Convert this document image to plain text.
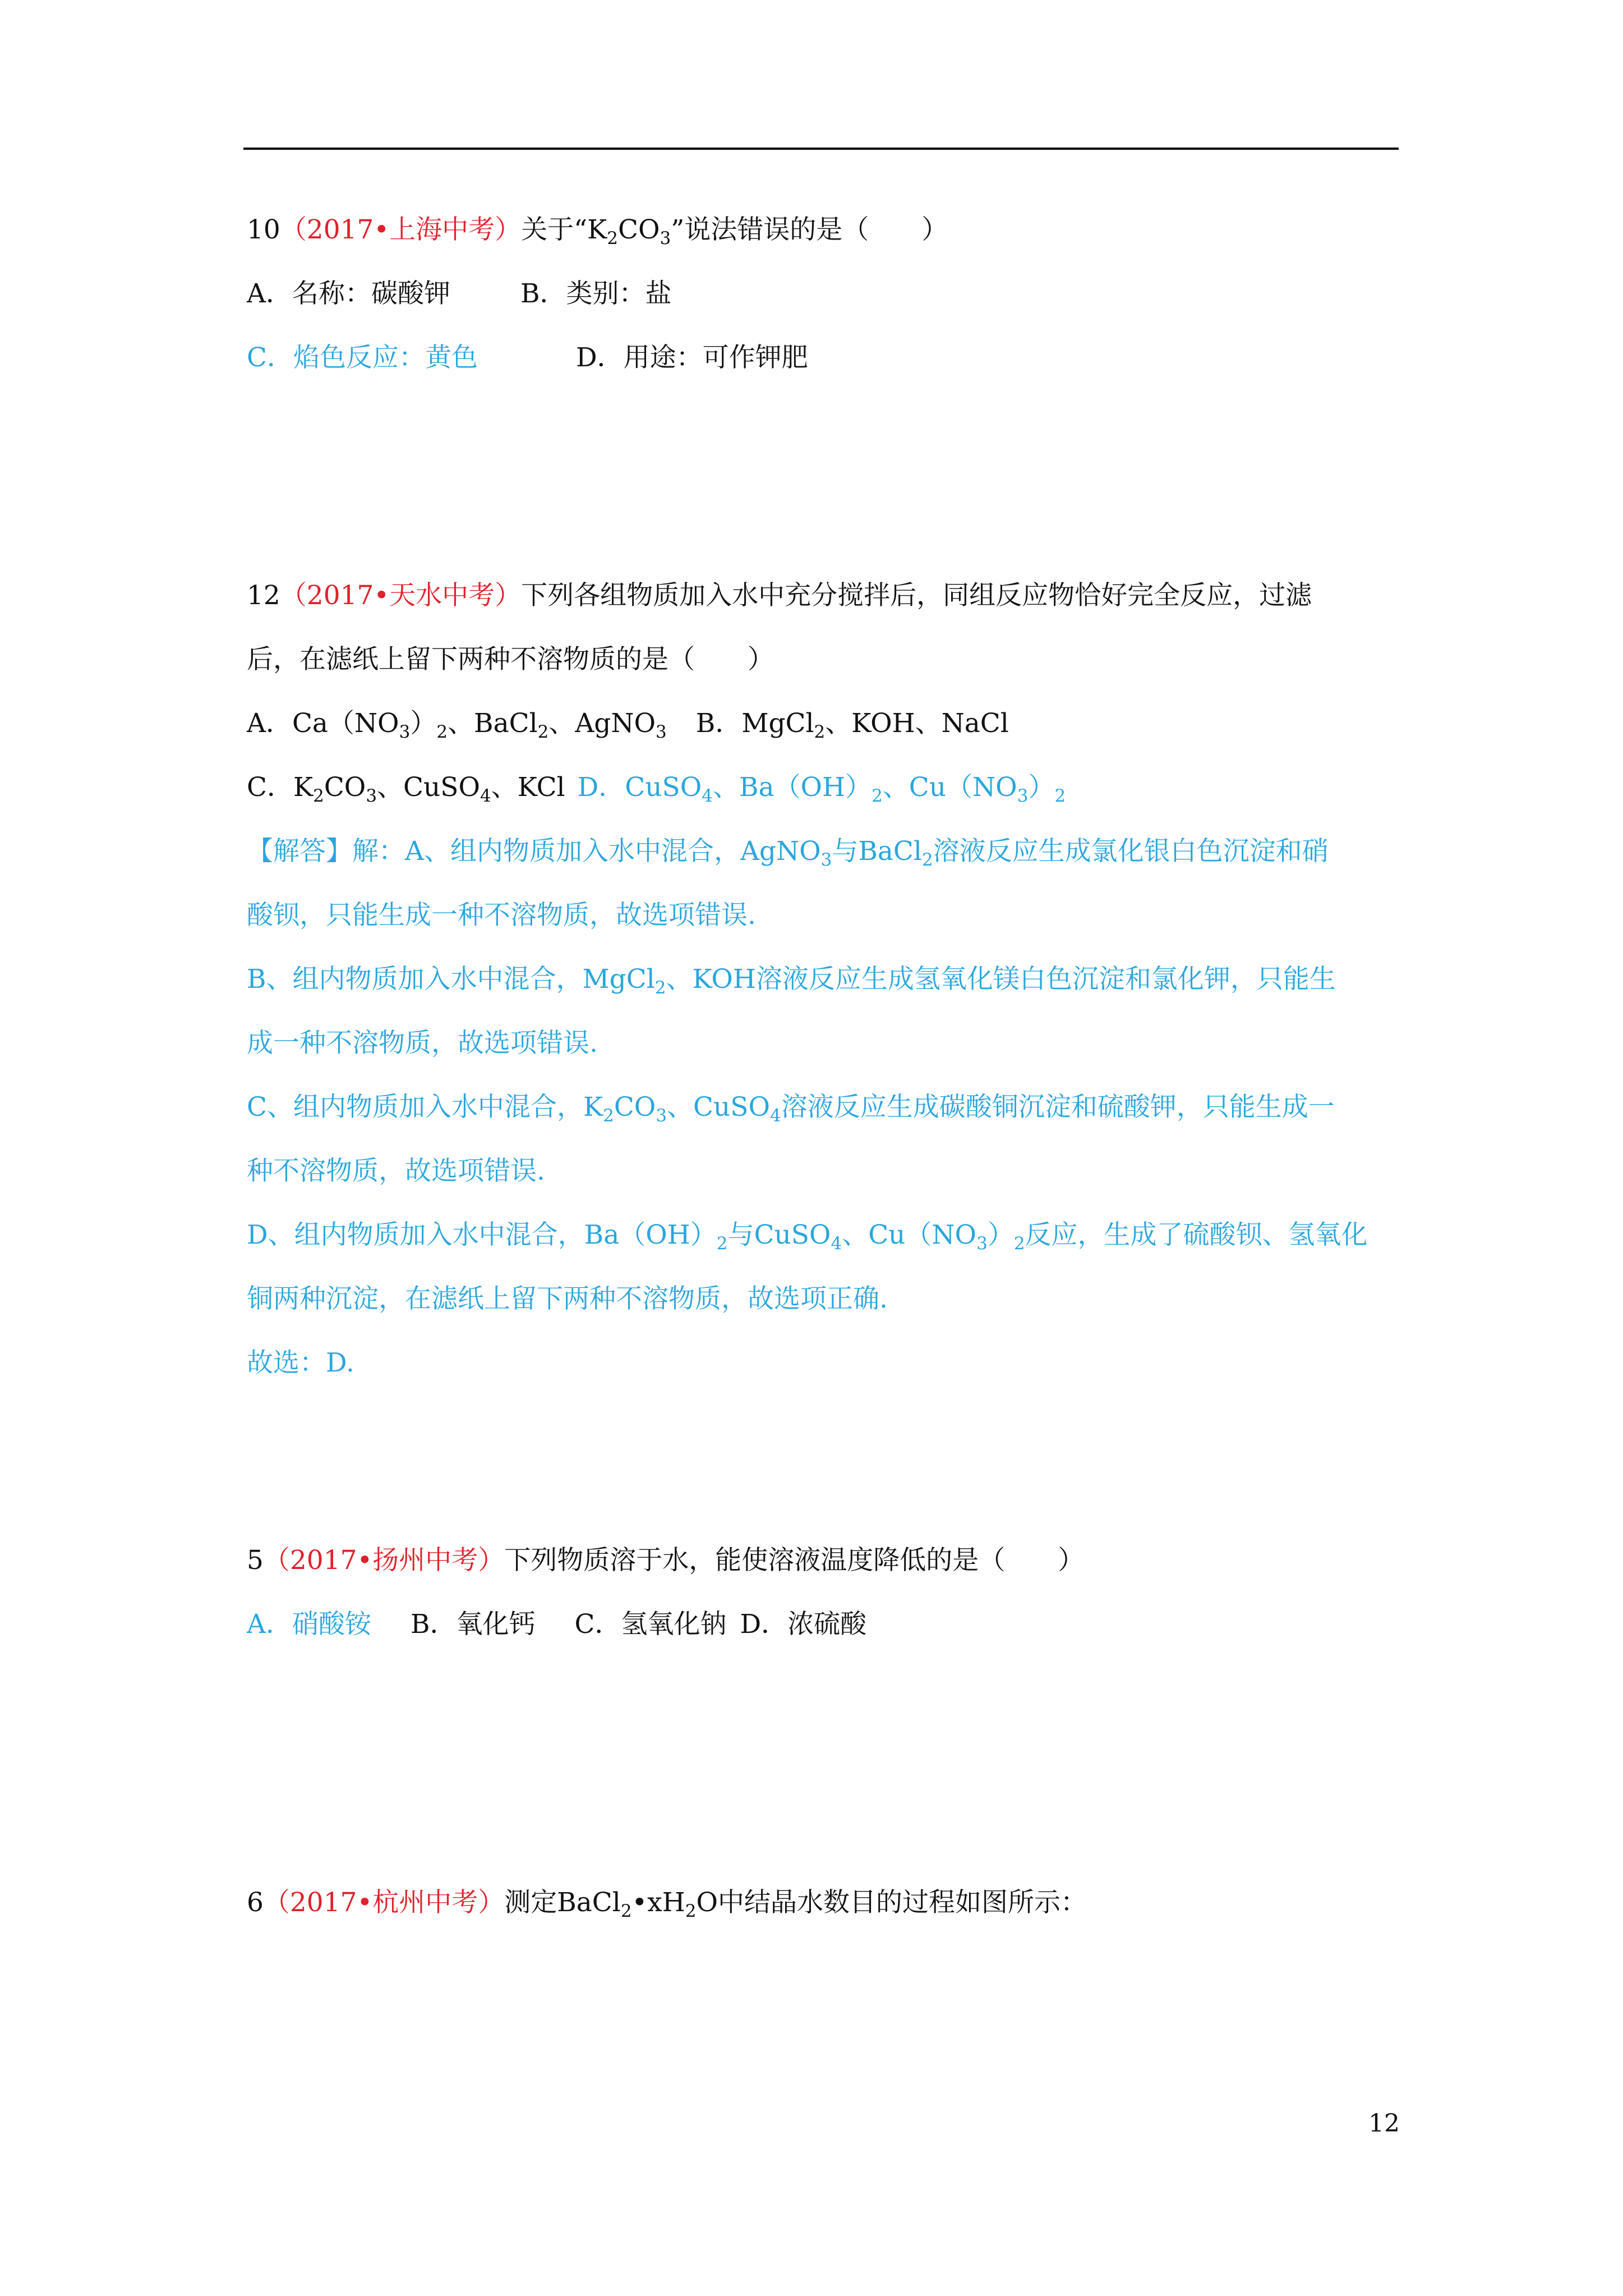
10（2017•上海中考）关于“$K_2CO_3$”说法错误的是（　　）
A．名称：碳酸钾	B．类别：盐
C．焰色反应：黄色	D．用途：可作钾肥
12（2017•天水中考）下列各组物质加入水中充分搅拌后，同组反应物恰好完全反应，过滤
后，在滤纸上留下两种不溶物质的是（　　）
A．$Ca(NO_3)_2$、BaCl$_2$、AgNO$_3$ B．MgCl$_2$、KOH、NaCl
C．$K_2CO_3$、CuSO$_4$、KCl D．CuSO$_4$、$Ba(OH)_2$、$Cu(NO_3)_2$
【解答】解：A、组内物质加入水中混合，AgNO$_3$与BaCl$_2$溶液反应生成氯化银白色沉淀和硝
酸钡，只能生成一种不溶物质，故选项错误.
B、组内物质加入水中混合，MgCl$_2$、KOH溶液反应生成氢氧化镁白色沉淀和氯化钾，只能生
成一种不溶物质，故选项错误.
C、组内物质加入水中混合，$K_2CO_3$、CuSO$_4$溶液反应生成碳酸铜沉淀和硫酸钾，只能生成一
种不溶物质，故选项错误.
D、组内物质加入水中混合，$Ba(OH)_2$与CuSO$_4$、$Cu(NO_3)_2$反应，生成了硫酸钡、氢氧化
铜两种沉淀，在滤纸上留下两种不溶物质，故选项正确.
故选：D.
5（2017•扬州中考）下列物质溶于水，能使溶液温度降低的是（　　）
A．硝酸铵 B．氧化钙 C．氢氧化钠 D．浓硫酸
6（2017•杭州中考）测定$BaCl_2•xH_2O$中结晶水数目的过程如图所示：
12
